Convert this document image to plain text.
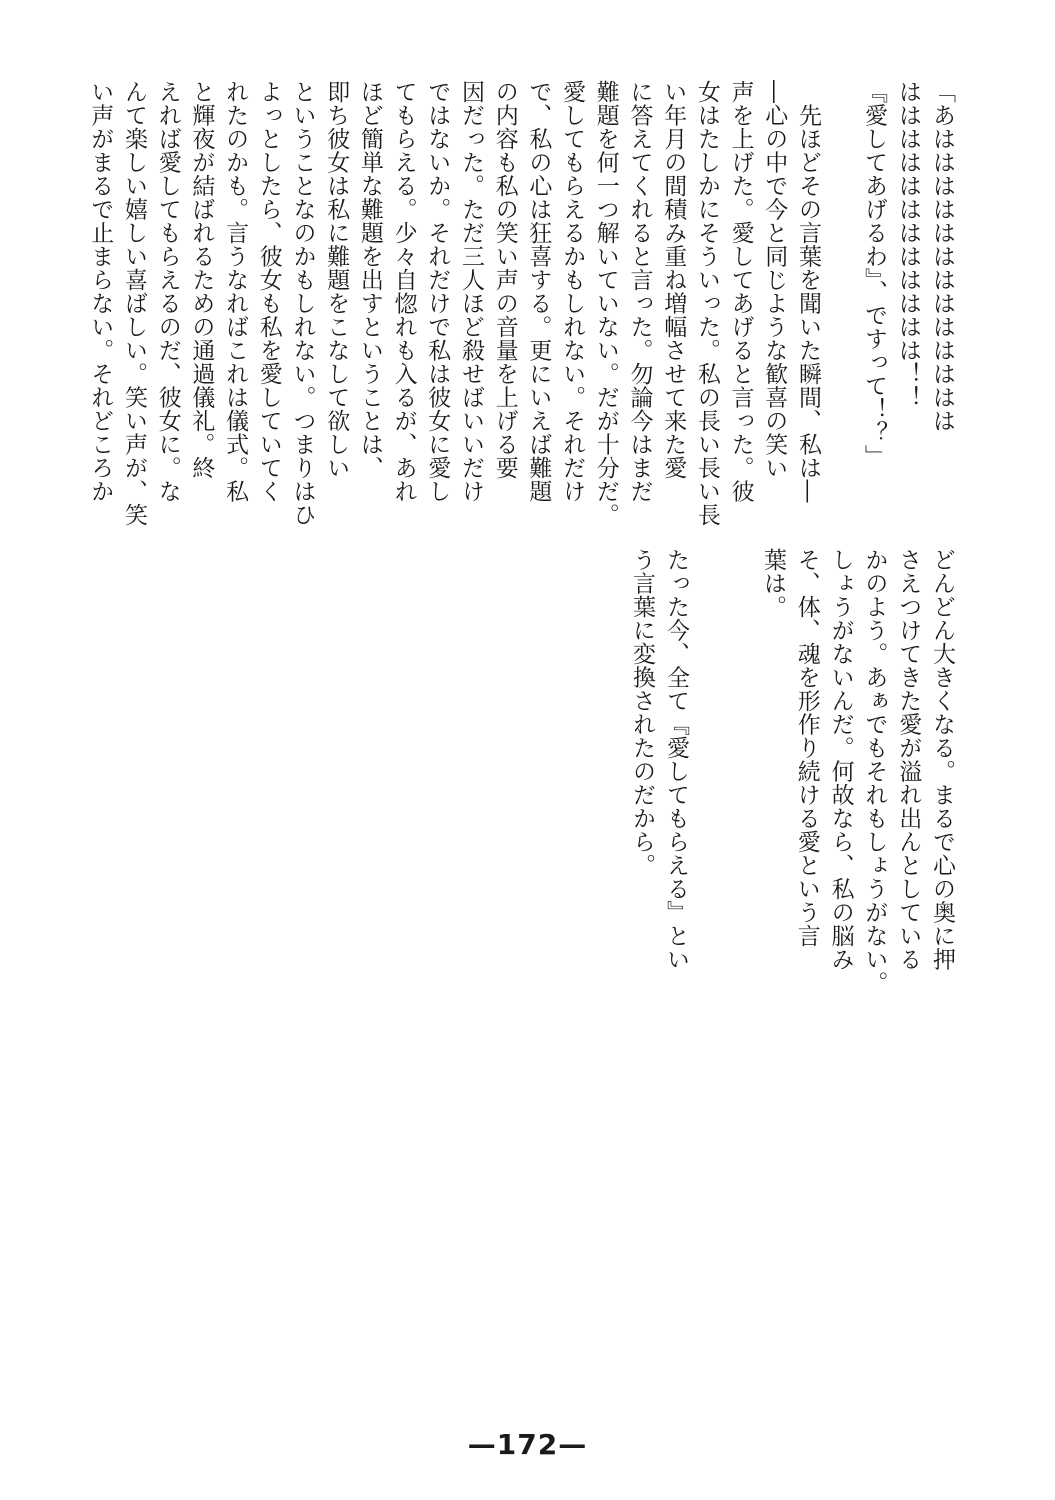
「あははははははははははははは
はははははははははははは！！
『愛してあげるわ』、ですって！？」
　先ほどその言葉を聞いた瞬間、私は―
―心の中で今と同じような歓喜の笑い
声を上げた。愛してあげると言った。彼
女はたしかにそういった。私の長い長い長
い年月の間積み重ね増幅させて来た愛
に答えてくれると言った。勿論今はまだ
難題を何一つ解いていない。だが十分だ。
愛してもらえるかもしれない。それだけ
で、私の心は狂喜する。更にいえば難題
の内容も私の笑い声の音量を上げる要
因だった。ただ三人ほど殺せばいいだけ
ではないか。それだけで私は彼女に愛し
てもらえる。少々自惚れも入るが、あれ
ほど簡単な難題を出すということは、
即ち彼女は私に難題をこなして欲しい
ということなのかもしれない。つまりはひ
よっとしたら、彼女も私を愛していてく
れたのかも。言うなればこれは儀式。私
と輝夜が結ばれるための通過儀礼。終
えれば愛してもらえるのだ、彼女に。な
んて楽しい嬉しい喜ばしい。笑い声が、笑
い声がまるで止まらない。それどころか
どんどん大きくなる。まるで心の奥に押
さえつけてきた愛が溢れ出んとしている
かのよう。あぁでもそれもしょうがない。
しょうがないんだ。何故なら、私の脳み
そ、体、魂を形作り続ける愛という言
葉は。
たった今、全て『愛してもらえる』とい
う言葉に変換されたのだから。
—172—
